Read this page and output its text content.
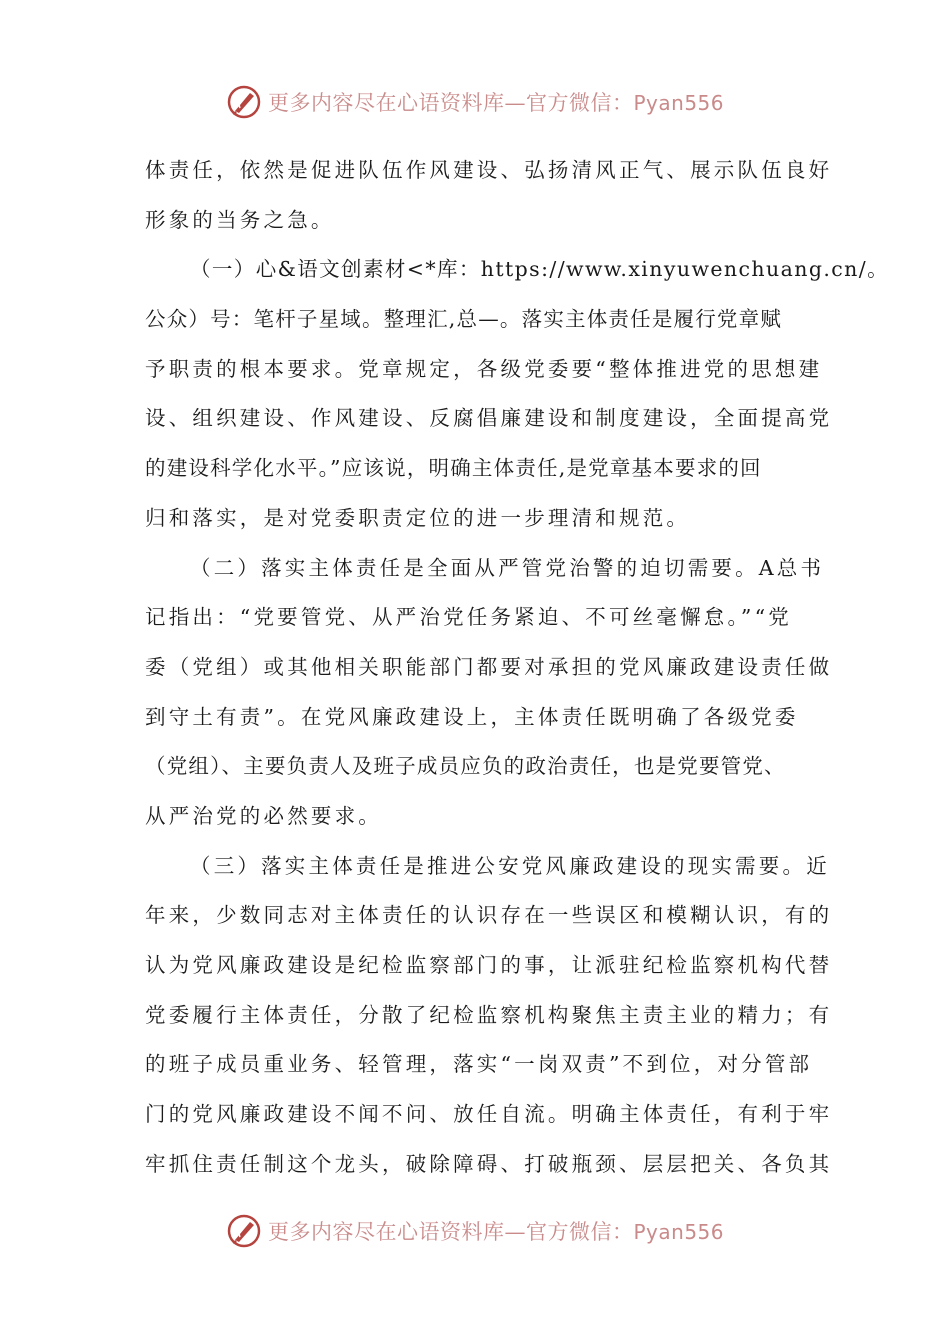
更多内容尽在心语资料库—官方微信：Pyan556
体责任，依然是促进队伍作风建设、弘扬清风正气、展示队伍良好
形象的当务之急。
（一）心&语文创素材<*库：https://www.xinyuwenchuang.cn/。
公众）号：笔杆子星域。整理汇,总—。落实主体责任是履行党章赋
予职责的根本要求。党章规定，各级党委要“整体推进党的思想建
设、组织建设、作风建设、反腐倡廉建设和制度建设，全面提高党
的建设科学化水平。”应该说，明确主体责任,是党章基本要求的回
归和落实，是对党委职责定位的进一步理清和规范。
（二）落实主体责任是全面从严管党治警的迫切需要。A总书
记指出：“党要管党、从严治党任务紧迫、不可丝毫懈怠。”“党
委（党组）或其他相关职能部门都要对承担的党风廉政建设责任做
到守土有责”。在党风廉政建设上，主体责任既明确了各级党委
（党组）、主要负责人及班子成员应负的政治责任，也是党要管党、
从严治党的必然要求。
（三）落实主体责任是推进公安党风廉政建设的现实需要。近
年来，少数同志对主体责任的认识存在一些误区和模糊认识，有的
认为党风廉政建设是纪检监察部门的事，让派驻纪检监察机构代替
党委履行主体责任，分散了纪检监察机构聚焦主责主业的精力；有
的班子成员重业务、轻管理，落实“一岗双责”不到位，对分管部
门的党风廉政建设不闻不问、放任自流。明确主体责任，有利于牢
牢抓住责任制这个龙头，破除障碍、打破瓶颈、层层把关、各负其
更多内容尽在心语资料库—官方微信：Pyan556
